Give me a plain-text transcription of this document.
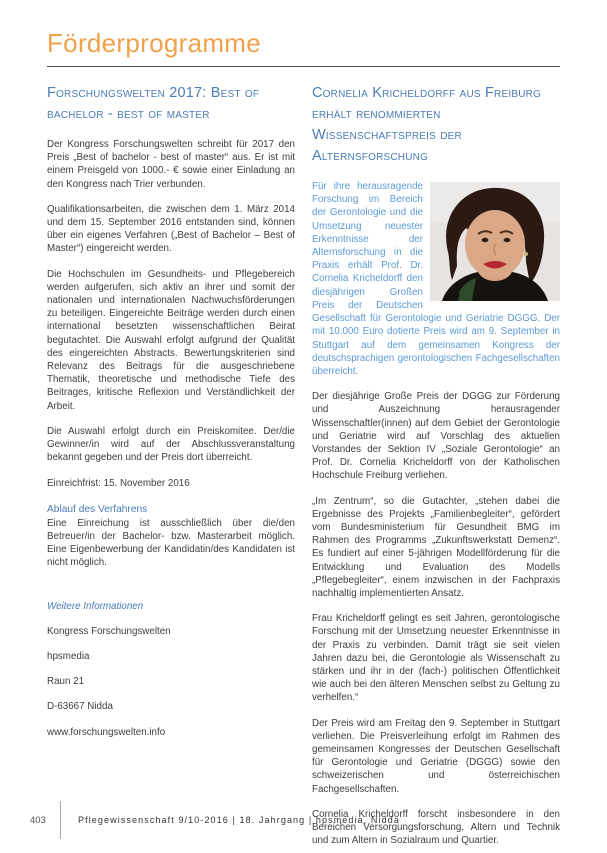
Förderprogramme
Forschungswelten 2017: Best of bachelor - best of master

Der Kongress Forschungswelten schreibt für 2017 den Preis „Best of bachelor - best of master“ aus. Er ist mit einem Preisgeld von 1000.- € sowie einer Einladung an den Kongress nach Trier verbunden.

Qualifikationsarbeiten, die zwischen dem 1. März 2014 und dem 15. September 2016 entstanden sind, können über ein eigenes Verfahren („Best of Bachelor – Best of Master“) eingereicht werden.

Die Hochschulen im Gesundheits- und Pflegebereich werden aufgerufen, sich aktiv an ihrer und somit der nationalen und internationalen Nachwuchsförderungen zu beteiligen. Eingereichte Beiträge werden durch einen international besetzten wissenschaftlichen Beirat begutachtet. Die Auswahl erfolgt aufgrund der Qualität des eingereichten Abstracts. Bewertungskriterien sind Relevanz des Beitrags für die ausgeschriebene Thematik, theoretische und methodische Tiefe des Beitrages, kritische Reflexion und Verständlichkeit der Arbeit.

Die Auswahl erfolgt durch ein Preiskomitee. Der/die Gewinner/in wird auf der Abschlussveranstaltung bekannt gegeben und der Preis dort überreicht.

Einreichfrist: 15. November 2016

Ablauf des Verfahrens

Eine Einreichung ist ausschließlich über die/den Betreuer/in der Bachelor- bzw. Masterarbeit möglich. Eine Eigenbewerbung der Kandidatin/des Kandidaten ist nicht möglich.

Weitere Informationen

Kongress Forschungswelten

hpsmedia

Raun 21

D-63667 Nidda

www.forschungswelten.info

Cornelia Kricheldorff aus Freiburg erhält renommierten Wissenschaftspreis der Alternsforschung

Für ihre herausragende Forschung im Bereich der Gerontologie und die Umsetzung neuester Erkenntnisse der Alternsforschung in die Praxis erhält Prof. Dr. Cornelia Kricheldorff den diesjährigen Großen Preis der Deutschen Gesellschaft für Gerontologie und Geriatrie DGGG. Der mit 10.000 Euro dotierte Preis wird am 9. September in Stuttgart auf dem gemeinsamen Kongress der deutschsprachigen gerontologischen Fachgesellschaften überreicht.

Der diesjährige Große Preis der DGGG zur Förderung und Auszeichnung herausragender Wissenschaftler(innen) auf dem Gebiet der Gerontologie und Geriatrie wird auf Vorschlag des aktuellen Vorstandes der Sektion IV „Soziale Gerontologie“ an Prof. Dr. Cornelia Kricheldorff von der Katholischen Hochschule Freiburg verliehen.

„Im Zentrum“, so die Gutachter, „stehen dabei die Ergebnisse des Projekts „Familienbegleiter“, gefördert vom Bundesministerium für Gesundheit BMG im Rahmen des Programms „Zukunftswerkstatt Demenz“. Es fundiert auf einer 5-jährigen Modellförderung für die Entwicklung und Evaluation des Modells „Pflegebegleiter“, einem inzwischen in der Fachpraxis nachhaltig implementierten Ansatz.

Frau Kricheldorff gelingt es seit Jahren, gerontologische Forschung mit der Umsetzung neuester Erkenntnisse in der Praxis zu verbinden. Damit trägt sie seit vielen Jahren dazu bei, die Gerontologie als Wissenschaft zu stärken und ihr in der (fach-) politischen Öffentlichkeit wie auch bei den älteren Menschen selbst zu Geltung zu verhelfen.“

Der Preis wird am Freitag den 9. September in Stuttgart verliehen. Die Preisverleihung erfolgt im Rahmen des gemeinsamen Kongresses der Deutschen Gesellschaft für Gerontologie und Geriatrie (DGGG) sowie den schweizerischen und österreichischen Fachgesellschaften.

Cornelia Kricheldorff forscht insbesondere in den Bereichen Versorgungsforschung, Altern und Technik und zum Altern in Sozialraum und Quartier.

403	Pflegewissenschaft 9/10-2016 | 18. Jahrgang | hpsmedia, Nidda
